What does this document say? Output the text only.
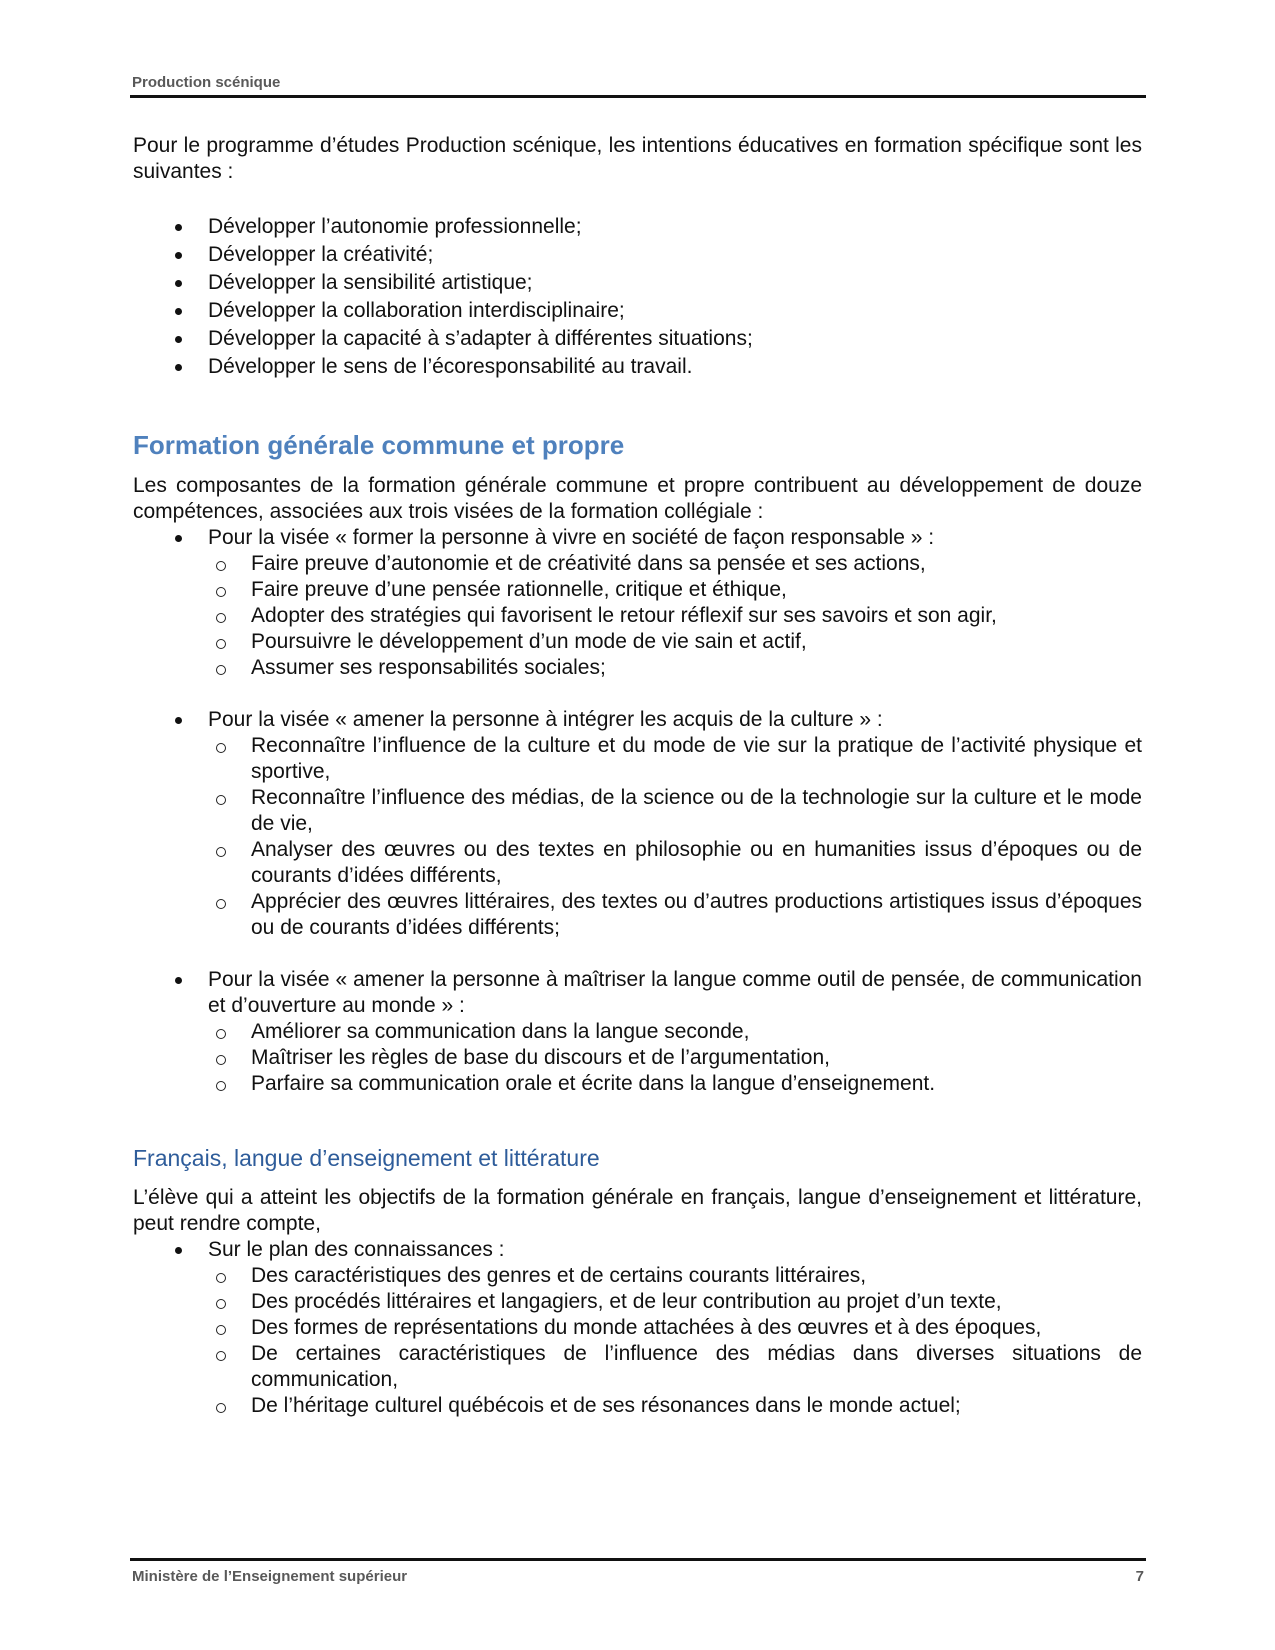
Production scénique

Pour le programme d’études Production scénique, les intentions éducatives en formation spécifique sont les suivantes :

Développer l’autonomie professionnelle;
Développer la créativité;
Développer la sensibilité artistique;
Développer la collaboration interdisciplinaire;
Développer la capacité à s’adapter à différentes situations;
Développer le sens de l’écoresponsabilité au travail.
Formation générale commune et propre

Les composantes de la formation générale commune et propre contribuent au développement de douze compétences, associées aux trois visées de la formation collégiale :

Pour la visée « former la personne à vivre en société de façon responsable » :
Faire preuve d’autonomie et de créativité dans sa pensée et ses actions,
Faire preuve d’une pensée rationnelle, critique et éthique,
Adopter des stratégies qui favorisent le retour réflexif sur ses savoirs et son agir,
Poursuivre le développement d’un mode de vie sain et actif,
Assumer ses responsabilités sociales;
Pour la visée « amener la personne à intégrer les acquis de la culture » :
Reconnaître l’influence de la culture et du mode de vie sur la pratique de l’activité physique et sportive,
Reconnaître l’influence des médias, de la science ou de la technologie sur la culture et le mode de vie,
Analyser des œuvres ou des textes en philosophie ou en humanities issus d’époques ou de courants d’idées différents,
Apprécier des œuvres littéraires, des textes ou d’autres productions artistiques issus d’époques ou de courants d’idées différents;
Pour la visée « amener la personne à maîtriser la langue comme outil de pensée, de communication et d’ouverture au monde » :
Améliorer sa communication dans la langue seconde,
Maîtriser les règles de base du discours et de l’argumentation,
Parfaire sa communication orale et écrite dans la langue d’enseignement.
Français, langue d’enseignement et littérature

L’élève qui a atteint les objectifs de la formation générale en français, langue d’enseignement et littérature, peut rendre compte,

Sur le plan des connaissances :
Des caractéristiques des genres et de certains courants littéraires,
Des procédés littéraires et langagiers, et de leur contribution au projet d’un texte,
Des formes de représentations du monde attachées à des œuvres et à des époques,
De certaines caractéristiques de l’influence des médias dans diverses situations de communication,
De l’héritage culturel québécois et de ses résonances dans le monde actuel;
Ministère de l’Enseignement supérieur	7
